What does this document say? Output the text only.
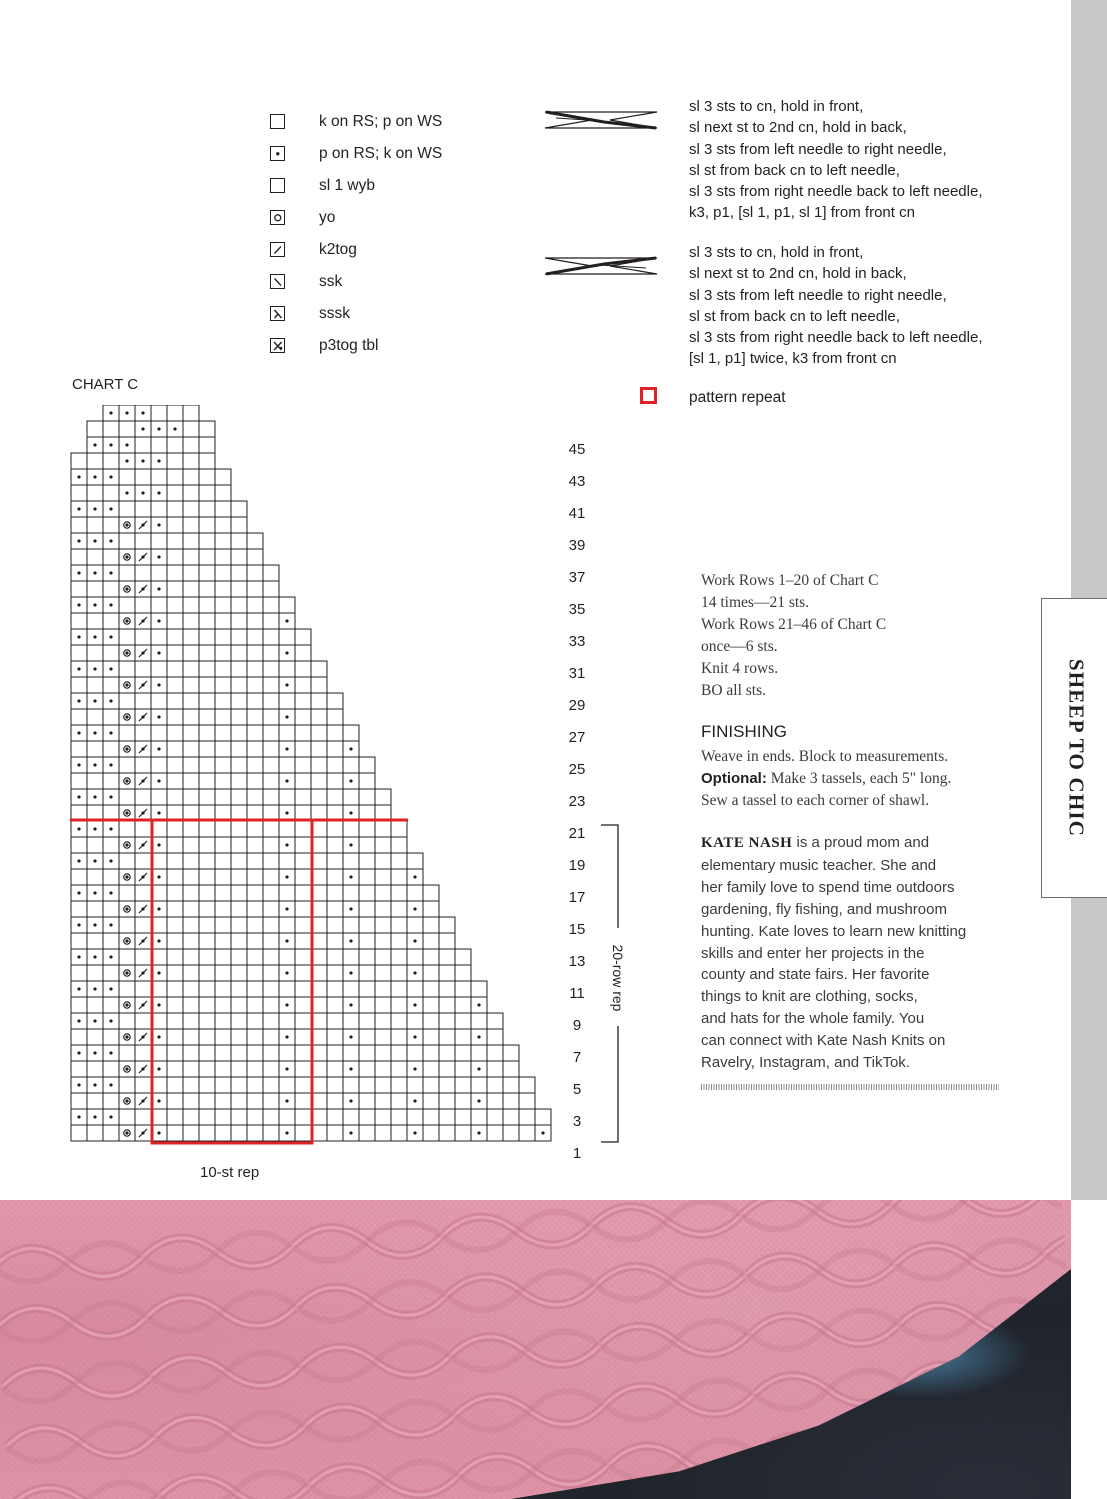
SHEEP TO CHIC
k on RS; p on WS
p on RS; k on WS
sl 1 wyb
yo
k2tog
ssk
sssk
p3tog tbl
sl 3 sts to cn, hold in front,
sl next st to 2nd cn, hold in back,
sl 3 sts from left needle to right needle,
sl st from back cn to left needle,
sl 3 sts from right needle back to left needle,
k3, p1, [sl 1, p1, sl 1] from front cn
sl 3 sts to cn, hold in front,
sl next st to 2nd cn, hold in back,
sl 3 sts from left needle to right needle,
sl st from back cn to left needle,
sl 3 sts from right needle back to left needle,
[sl 1, p1] twice, k3 from front cn
pattern repeat
CHART C
45
43
41
39
37
35
33
31
29
27
25
23
21
19
17
15
13
11
9
7
5
3
1
10-st rep
20-row rep
Work Rows 1–20 of Chart C
14 times—21 sts.
Work Rows 21–46 of Chart C
once—6 sts.
Knit 4 rows.
BO all sts.
FINISHING
Weave in ends. Block to measurements.
Optional: Make 3 tassels, each 5" long.
Sew a tassel to each corner of shawl.
KATE NASH is a proud mom and
elementary music teacher. She and
her family love to spend time outdoors
gardening, fly fishing, and mushroom
hunting. Kate loves to learn new knitting
skills and enter her projects in the
county and state fairs. Her favorite
things to knit are clothing, socks,
and hats for the whole family. You
can connect with Kate Nash Knits on
Ravelry, Instagram, and TikTok.
